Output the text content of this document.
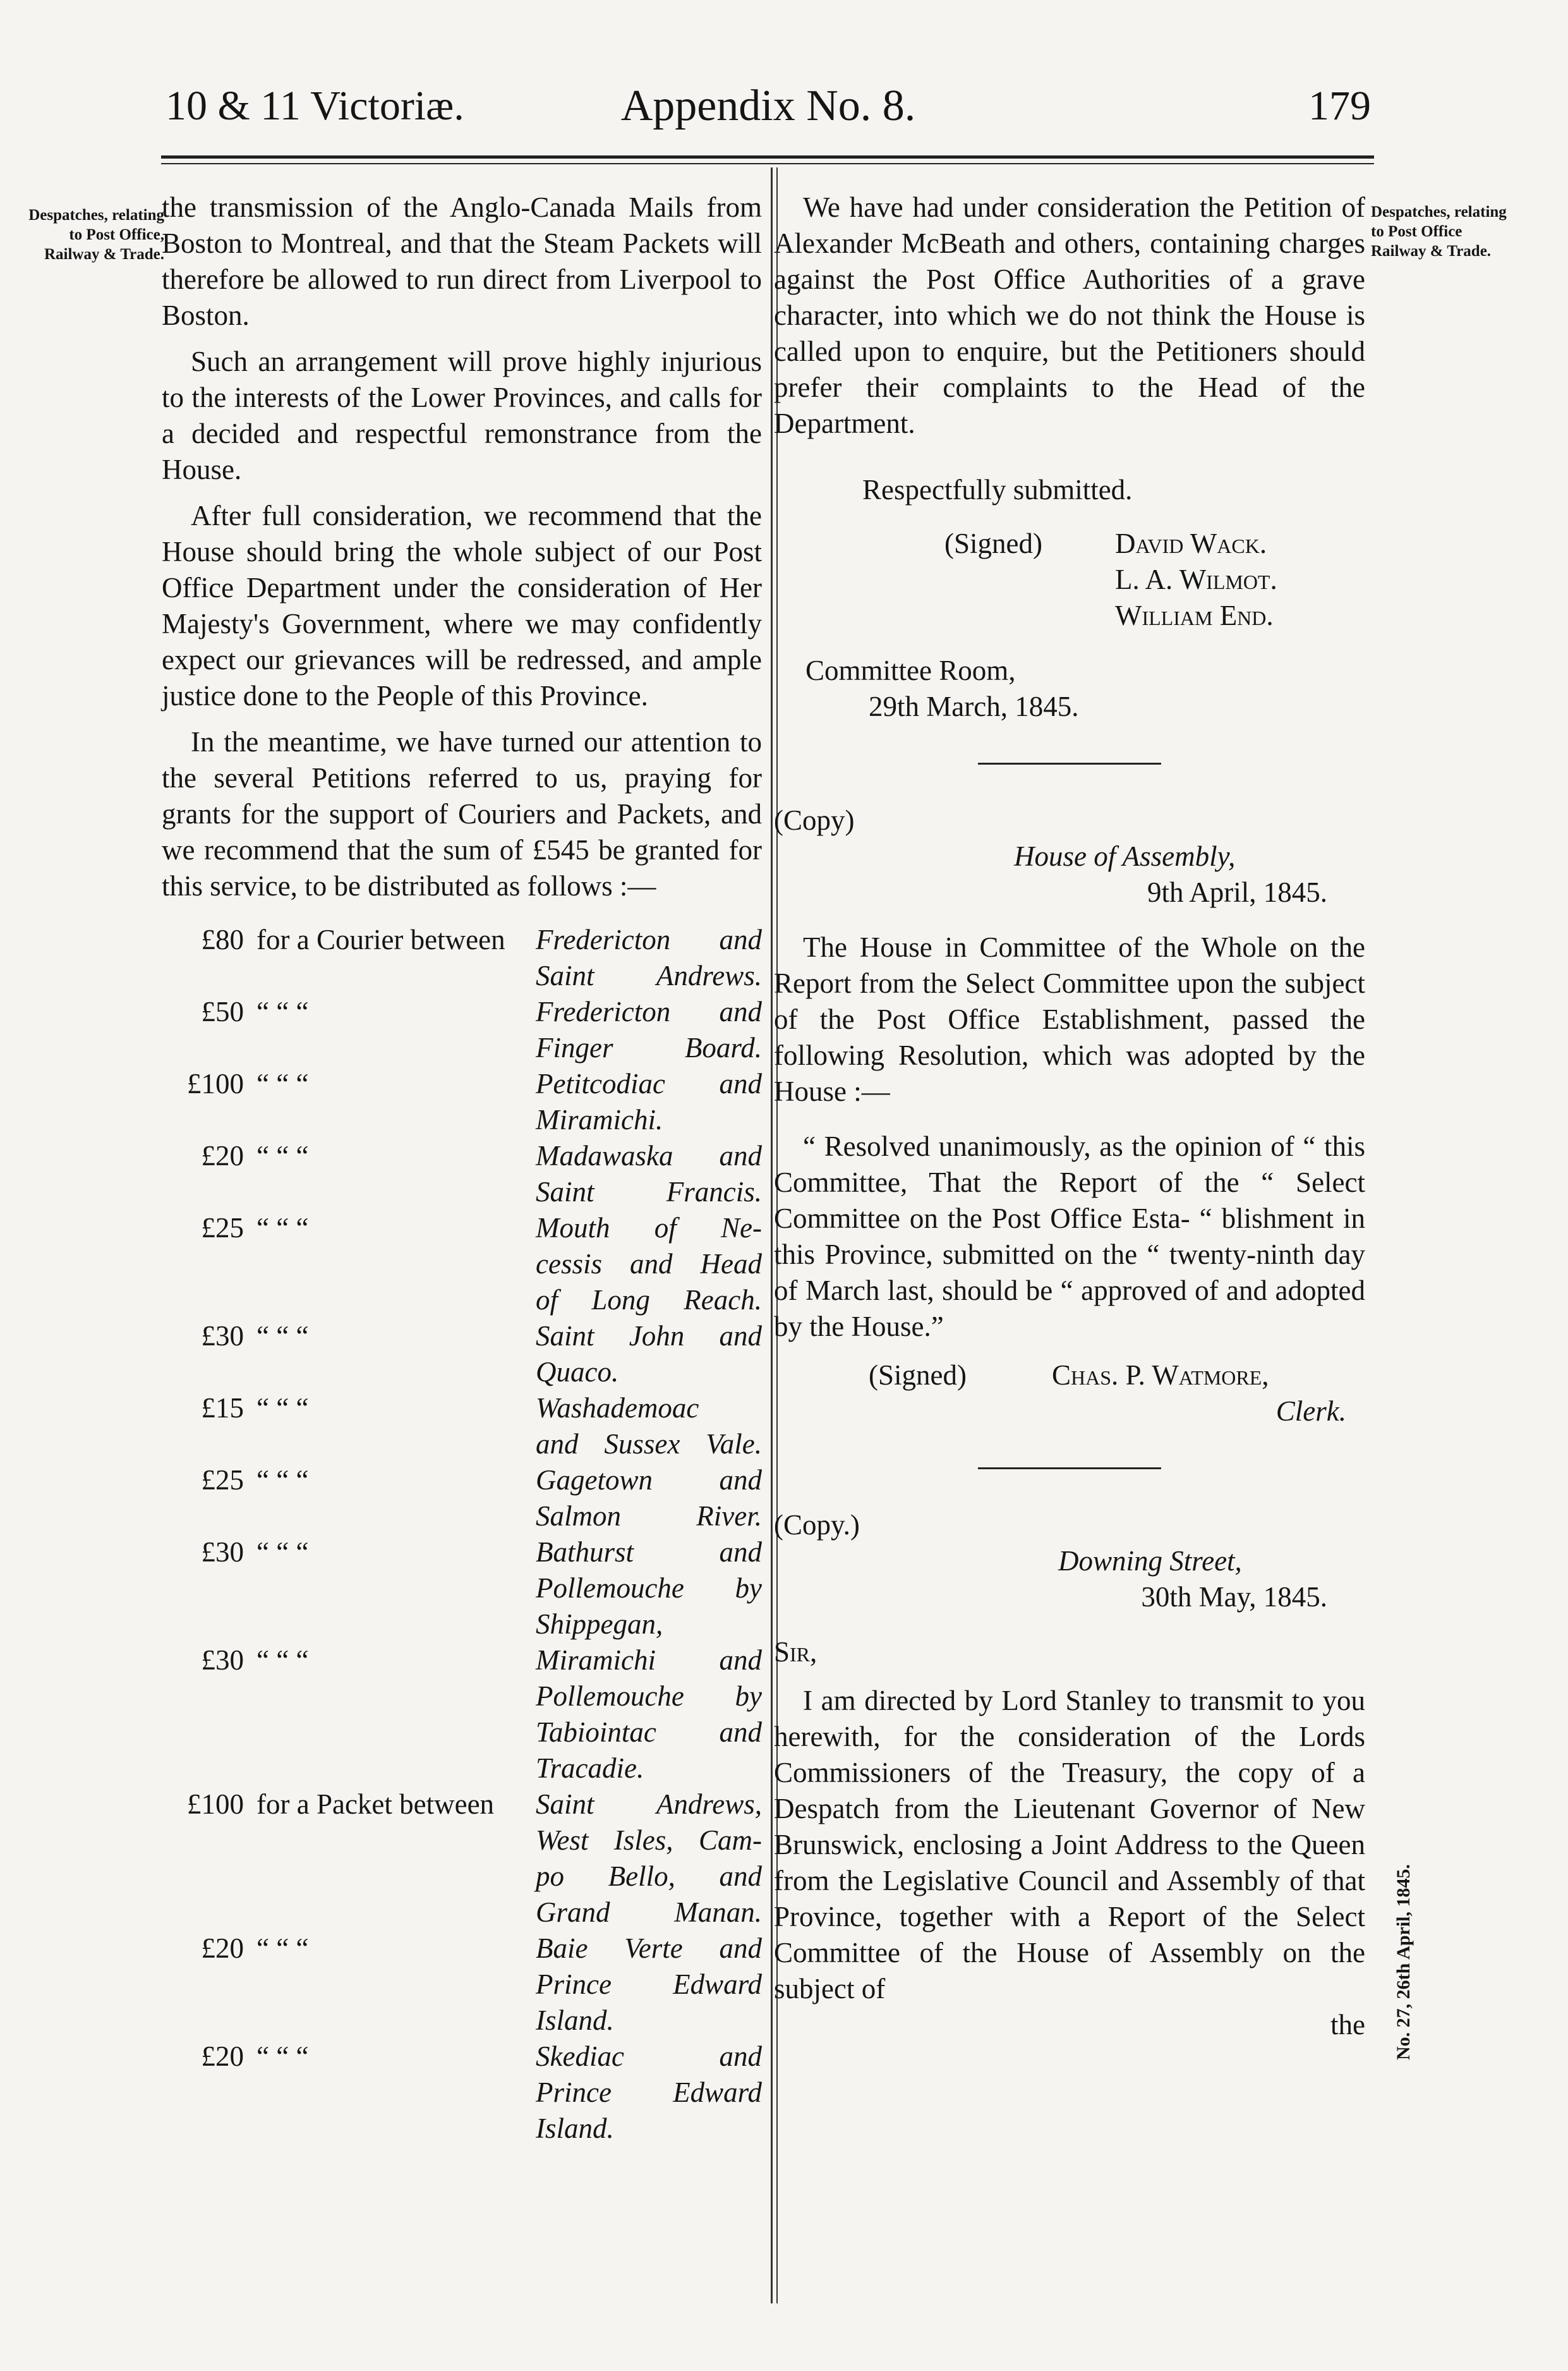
10 & 11 Victoriæ.	Appendix No. 8.	179
Despatches, relating to Post Office, Railway & Trade.
Despatches, relating to Post Office Railway & Trade.
No. 27, 26th April, 1845.

the transmission of the Anglo-Canada Mails from Boston to Montreal, and that the Steam Packets will therefore be allowed to run direct from Liverpool to Boston.

Such an arrangement will prove highly injurious to the interests of the Lower Provinces, and calls for a decided and respectful remonstrance from the House.

After full consideration, we recommend that the House should bring the whole subject of our Post Office Department under the consideration of Her Majesty's Government, where we may confidently expect our grievances will be redressed, and ample justice done to the People of this Province.

In the meantime, we have turned our attention to the several Petitions referred to us, praying for grants for the support of Couriers and Packets, and we recommend that the sum of £545 be granted for this service, to be distributed as follows :—

£80 for a Courier between Fredericton and
Saint Andrews.
£50 “ “ “	Fredericton and
Finger Board.
£100 “ “ “	Petitcodiac and
Miramichi.
£20 “ “ “	Madawaska and
Saint Francis.
£25 “ “ “	Mouth of Ne-
cessis and Head
of Long Reach.
£30 “ “ “	Saint John and
Quaco.
£15 “ “ “	Washademoac
and Sussex Vale.
£25 “ “ “	Gagetown and
Salmon River.
£30 “ “ “	Bathurst and
Pollemouche by
Shippegan,
£30 “ “ “	Miramichi and
Pollemouche by
Tabiointac and
Tracadie.
£100 for a Packet between Saint Andrews,
West Isles, Cam-
po Bello, and
Grand Manan.
£20 “ “ “	Baie Verte and
Prince Edward
Island.
£20 “ “ “	Skediac and
Prince Edward
Island.

We have had under consideration the Petition of Alexander McBeath and others, containing charges against the Post Office Authorities of a grave character, into which we do not think the House is called upon to enquire, but the Petitioners should prefer their complaints to the Head of the Department.

Respectfully submitted.
(Signed)	David Wack.
L. A. Wilmot.
William End.
Committee Room,
29th March, 1845.
(Copy)
House of Assembly,
9th April, 1845.

The House in Committee of the Whole on the Report from the Select Committee upon the subject of the Post Office Establishment, passed the following Resolution, which was adopted by the House :—

“ Resolved unanimously, as the opinion of “ this Committee, That the Report of the “ Select Committee on the Post Office Esta- “ blishment in this Province, submitted on the “ twenty-ninth day of March last, should be “ approved of and adopted by the House.”

(Signed)	Chas. P. Watmore,
Clerk.
(Copy.)
Downing Street,
30th May, 1845.
Sir,

I am directed by Lord Stanley to transmit to you herewith, for the consideration of the Lords Commissioners of the Treasury, the copy of a Despatch from the Lieutenant Governor of New Brunswick, enclosing a Joint Address to the Queen from the Legislative Council and Assembly of that Province, together with a Report of the Select Committee of the House of Assembly on the subject of

the
